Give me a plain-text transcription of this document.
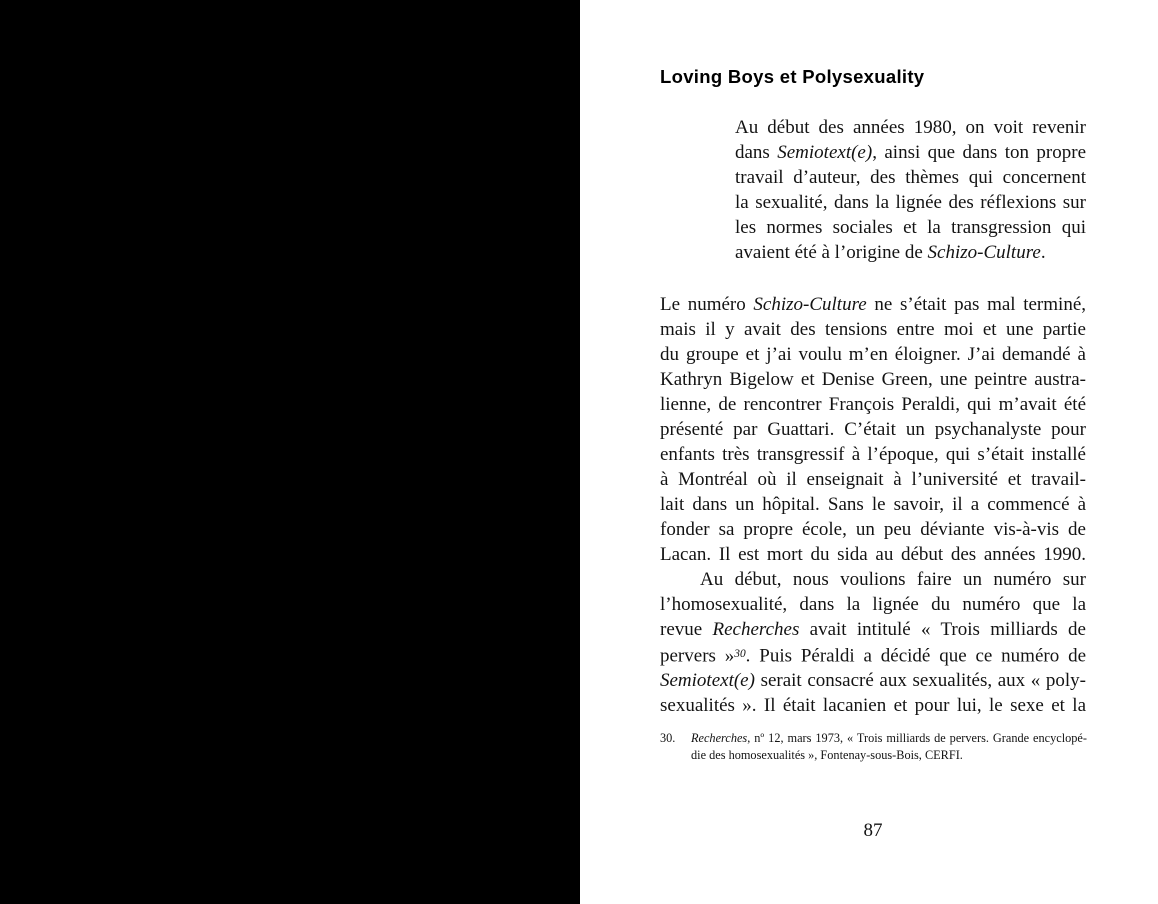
Loving Boys et Polysexuality
Au début des années 1980, on voit revenir
dans Semiotext(e), ainsi que dans ton propre
travail d’auteur, des thèmes qui concernent
la sexualité, dans la lignée des réflexions sur
les normes sociales et la transgression qui
avaient été à l’origine de Schizo-Culture.
Le numéro Schizo-Culture ne s’était pas mal terminé,
mais il y avait des tensions entre moi et une partie
du groupe et j’ai voulu m’en éloigner. J’ai demandé à
Kathryn Bigelow et Denise Green, une peintre austra-
lienne, de rencontrer François Peraldi, qui m’avait été
présenté par Guattari. C’était un psychanalyste pour
enfants très transgressif à l’époque, qui s’était installé
à Montréal où il enseignait à l’université et travail-
lait dans un hôpital. Sans le savoir, il a commencé à
fonder sa propre école, un peu déviante vis-à-vis de
Lacan. Il est mort du sida au début des années 1990.
Au début, nous voulions faire un numéro sur
l’homosexualité, dans la lignée du numéro que la
revue Recherches avait intitulé « Trois milliards de
pervers »$^{30}$. Puis Péraldi a décidé que ce numéro de
Semiotext(e) serait consacré aux sexualités, aux « poly-
sexualités ». Il était lacanien et pour lui, le sexe et la
30.	Recherches, nº 12, mars 1973, « Trois milliards de pervers. Grande encyclopé-
die des homosexualités », Fontenay-sous-Bois, CERFI.
87
